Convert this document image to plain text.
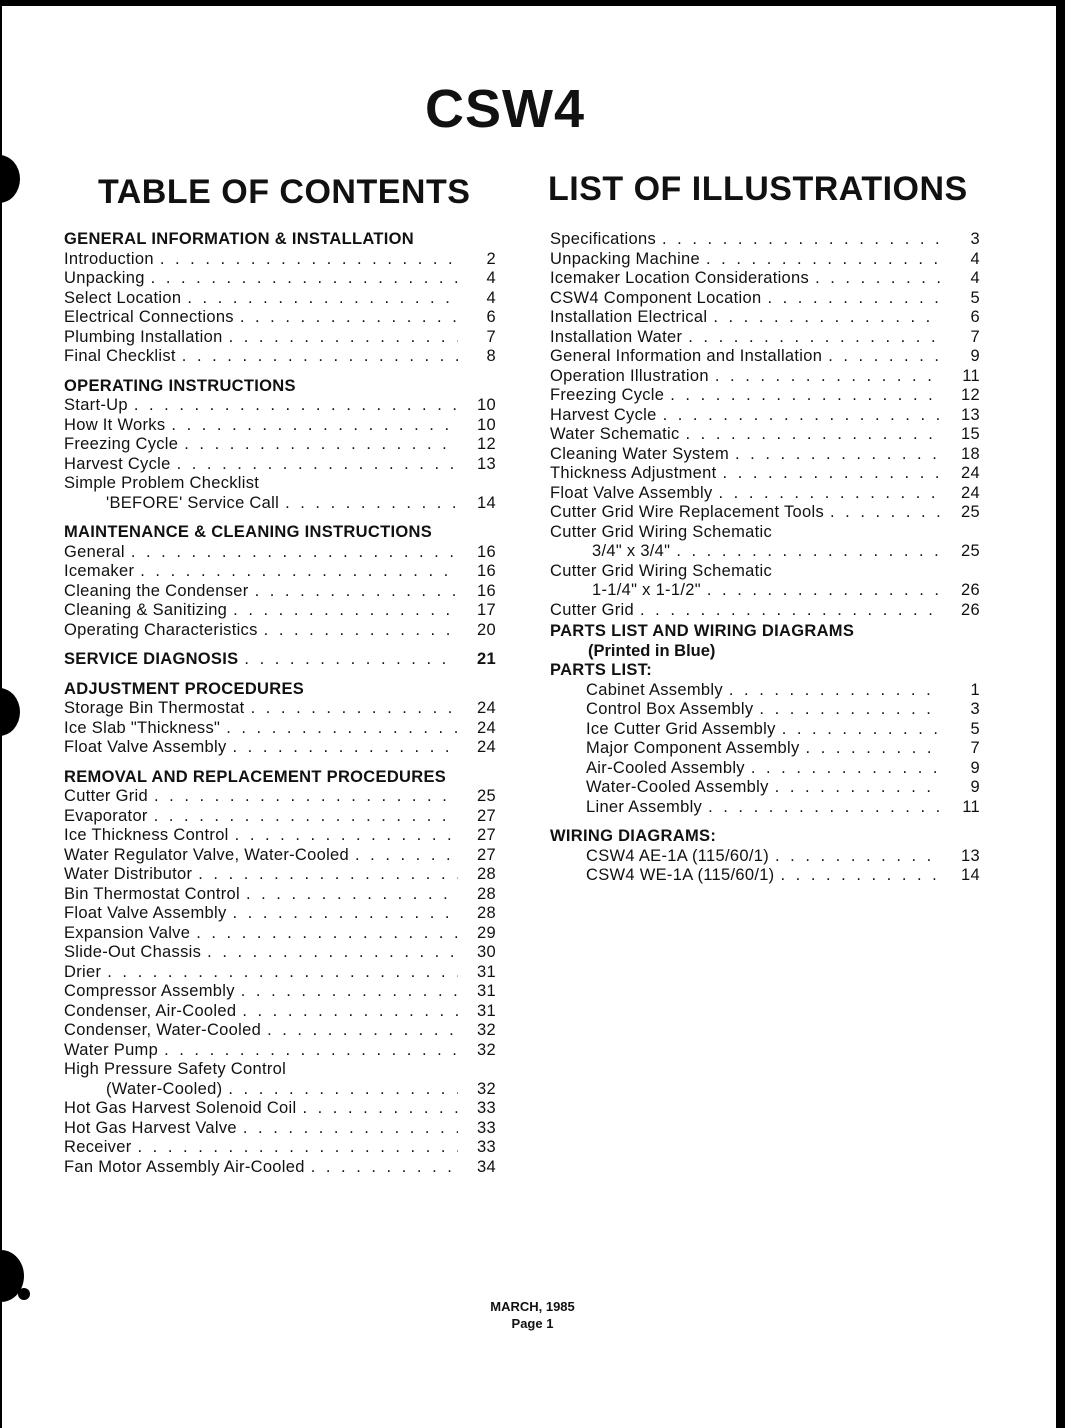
CSW4
TABLE OF CONTENTS LIST OF ILLUSTRATIONS
GENERAL INFORMATION & INSTALLATION
Introduction . . .	2
Unpacking . . .	4
Select Location . . .	4
Electrical Connections . . .	6
Plumbing Installation . . .	7
Final Checklist . . .	8
OPERATING INSTRUCTIONS
Start-Up . . .	10
How It Works . . .	10
Freezing Cycle . . .	12
Harvest Cycle . . .	13
Simple Problem Checklist
'BEFORE' Service Call . . .	14
MAINTENANCE & CLEANING INSTRUCTIONS
General . . .	16
Icemaker . . .	16
Cleaning the Condenser . . .	16
Cleaning & Sanitizing . . .	17
Operating Characteristics . . .	20
SERVICE DIAGNOSIS . . .	21
ADJUSTMENT PROCEDURES
Storage Bin Thermostat . . .	24
Ice Slab "Thickness" . . .	24
Float Valve Assembly . . .	24
REMOVAL AND REPLACEMENT PROCEDURES
Cutter Grid . . .	25
Evaporator . . .	27
Ice Thickness Control . . .	27
Water Regulator Valve, Water-Cooled . . .	27
Water Distributor . . .	28
Bin Thermostat Control . . .	28
Float Valve Assembly . . .	28
Expansion Valve . . .	29
Slide-Out Chassis . . .	30
Drier . . .	31
Compressor Assembly . . .	31
Condenser, Air-Cooled . . .	31
Condenser, Water-Cooled . . .	32
Water Pump . . .	32
High Pressure Safety Control
(Water-Cooled) . . .	32
Hot Gas Harvest Solenoid Coil . . .	33
Hot Gas Harvest Valve . . .	33
Receiver . . .	33
Fan Motor Assembly Air-Cooled . . .	34
Specifications . . .	3
Unpacking Machine . . .	4
Icemaker Location Considerations . . .	4
CSW4 Component Location . . .	5
Installation Electrical . . .	6
Installation Water . . .	7
General Information and Installation . . .	9
Operation Illustration . . .	11
Freezing Cycle . . .	12
Harvest Cycle . . .	13
Water Schematic . . .	15
Cleaning Water System . . .	18
Thickness Adjustment . . .	24
Float Valve Assembly . . .	24
Cutter Grid Wire Replacement Tools . . .	25
Cutter Grid Wiring Schematic
3/4" x 3/4" . . .	25
Cutter Grid Wiring Schematic
1-1/4" x 1-1/2" . . .	26
Cutter Grid . . .	26
PARTS LIST AND WIRING DIAGRAMS
(Printed in Blue)
PARTS LIST:
Cabinet Assembly . . .	1
Control Box Assembly . . .	3
Ice Cutter Grid Assembly . . .	5
Major Component Assembly . . .	7
Air-Cooled Assembly . . .	9
Water-Cooled Assembly . . .	9
Liner Assembly . . .	11
WIRING DIAGRAMS:
CSW4 AE-1A (115/60/1) . . .	13
CSW4 WE-1A (115/60/1) . . .	14
MARCH, 1985
Page 1
